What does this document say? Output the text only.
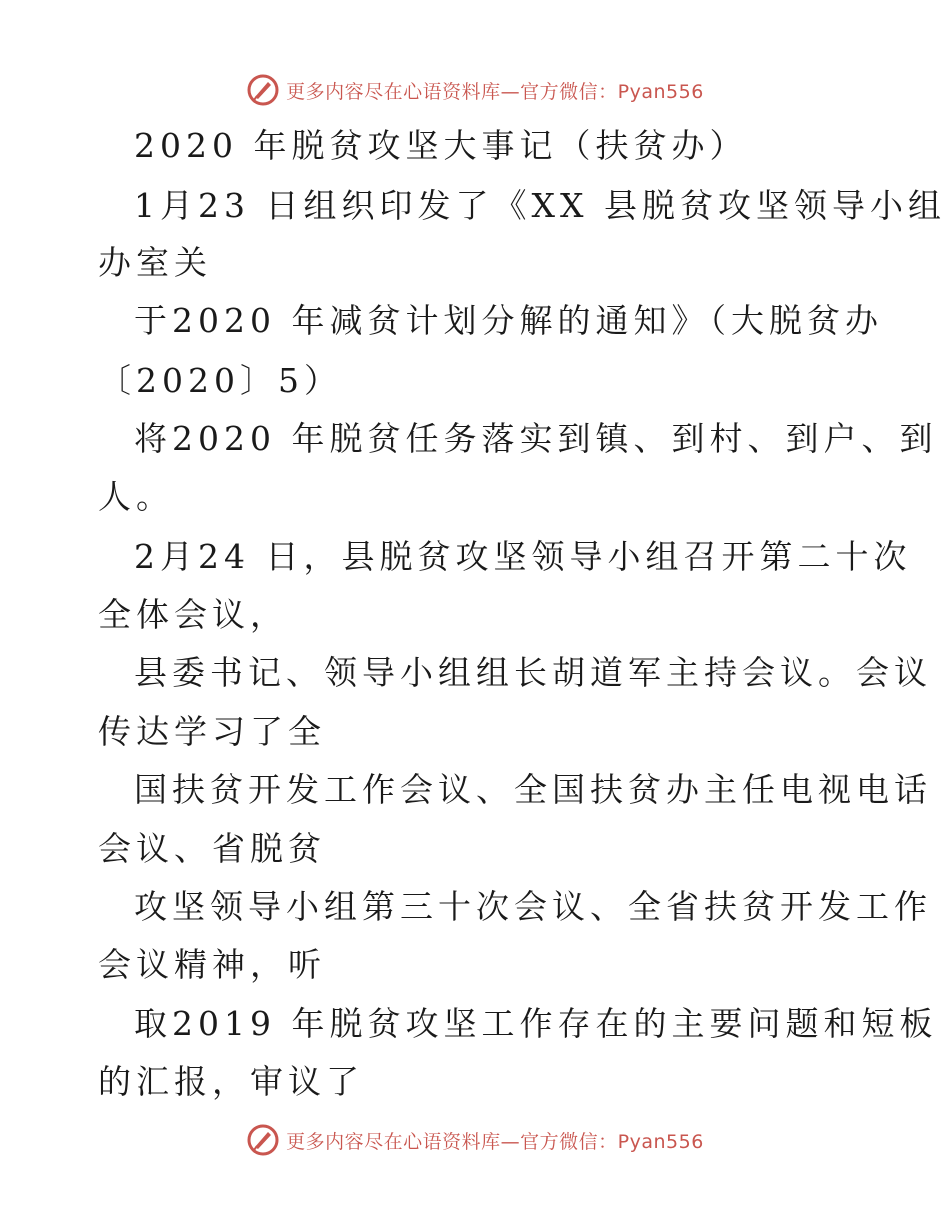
更多内容尽在心语资料库—官方微信：Pyan556
2020 年脱贫攻坚大事记（扶贫办）
1月23 日组织印发了《XX 县脱贫攻坚领导小组
办室关
于2020 年减贫计划分解的通知》（大脱贫办
〔2020〕5）
将2020 年脱贫任务落实到镇、到村、到户、到
人。
2月24 日，县脱贫攻坚领导小组召开第二十次
全体会议，
县委书记、领导小组组长胡道军主持会议。会议
传达学习了全
国扶贫开发工作会议、全国扶贫办主任电视电话
会议、省脱贫
攻坚领导小组第三十次会议、全省扶贫开发工作
会议精神，听
取2019 年脱贫攻坚工作存在的主要问题和短板
的汇报，审议了
更多内容尽在心语资料库—官方微信：Pyan556
